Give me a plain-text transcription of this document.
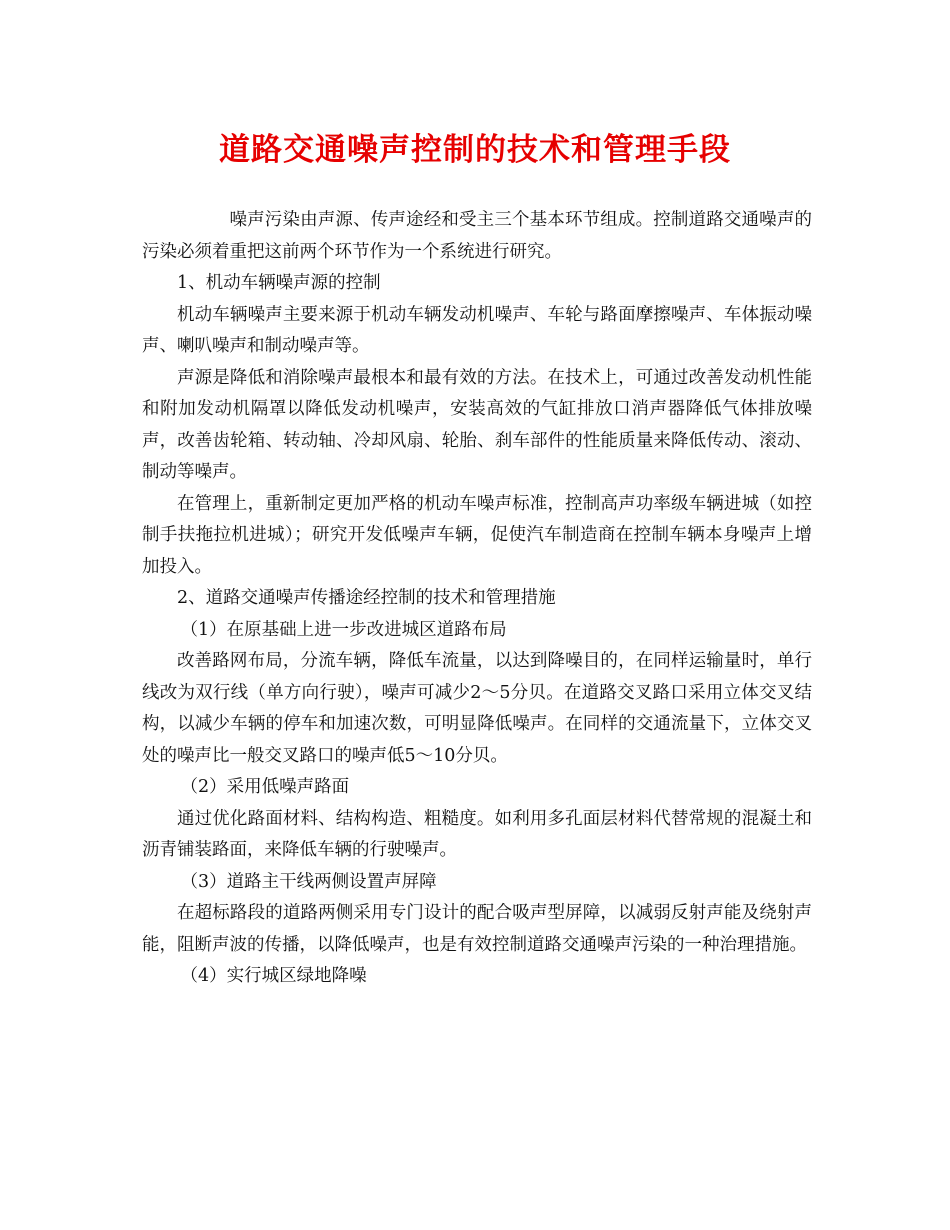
道路交通噪声控制的技术和管理手段

噪声污染由声源、传声途经和受主三个基本环节组成。控制道路交通噪声的污染必须着重把这前两个环节作为一个系统进行研究。

1、机动车辆噪声源的控制

机动车辆噪声主要来源于机动车辆发动机噪声、车轮与路面摩擦噪声、车体振动噪声、喇叭噪声和制动噪声等。

声源是降低和消除噪声最根本和最有效的方法。在技术上，可通过改善发动机性能和附加发动机隔罩以降低发动机噪声，安装高效的气缸排放口消声器降低气体排放噪声，改善齿轮箱、转动轴、冷却风扇、轮胎、刹车部件的性能质量来降低传动、滚动、制动等噪声。

在管理上，重新制定更加严格的机动车噪声标准，控制高声功率级车辆进城（如控制手扶拖拉机进城）；研究开发低噪声车辆，促使汽车制造商在控制车辆本身噪声上增加投入。

2、道路交通噪声传播途经控制的技术和管理措施

（1）在原基础上进一步改进城区道路布局

改善路网布局，分流车辆，降低车流量，以达到降噪目的，在同样运输量时，单行线改为双行线（单方向行驶），噪声可减少2～5分贝。在道路交叉路口采用立体交叉结构，以减少车辆的停车和加速次数，可明显降低噪声。在同样的交通流量下，立体交叉处的噪声比一般交叉路口的噪声低5～10分贝。

（2）采用低噪声路面

通过优化路面材料、结构构造、粗糙度。如利用多孔面层材料代替常规的混凝土和沥青铺装路面，来降低车辆的行驶噪声。

（3）道路主干线两侧设置声屏障

在超标路段的道路两侧采用专门设计的配合吸声型屏障，以减弱反射声能及绕射声能，阻断声波的传播，以降低噪声，也是有效控制道路交通噪声污染的一种治理措施。

（4）实行城区绿地降噪
